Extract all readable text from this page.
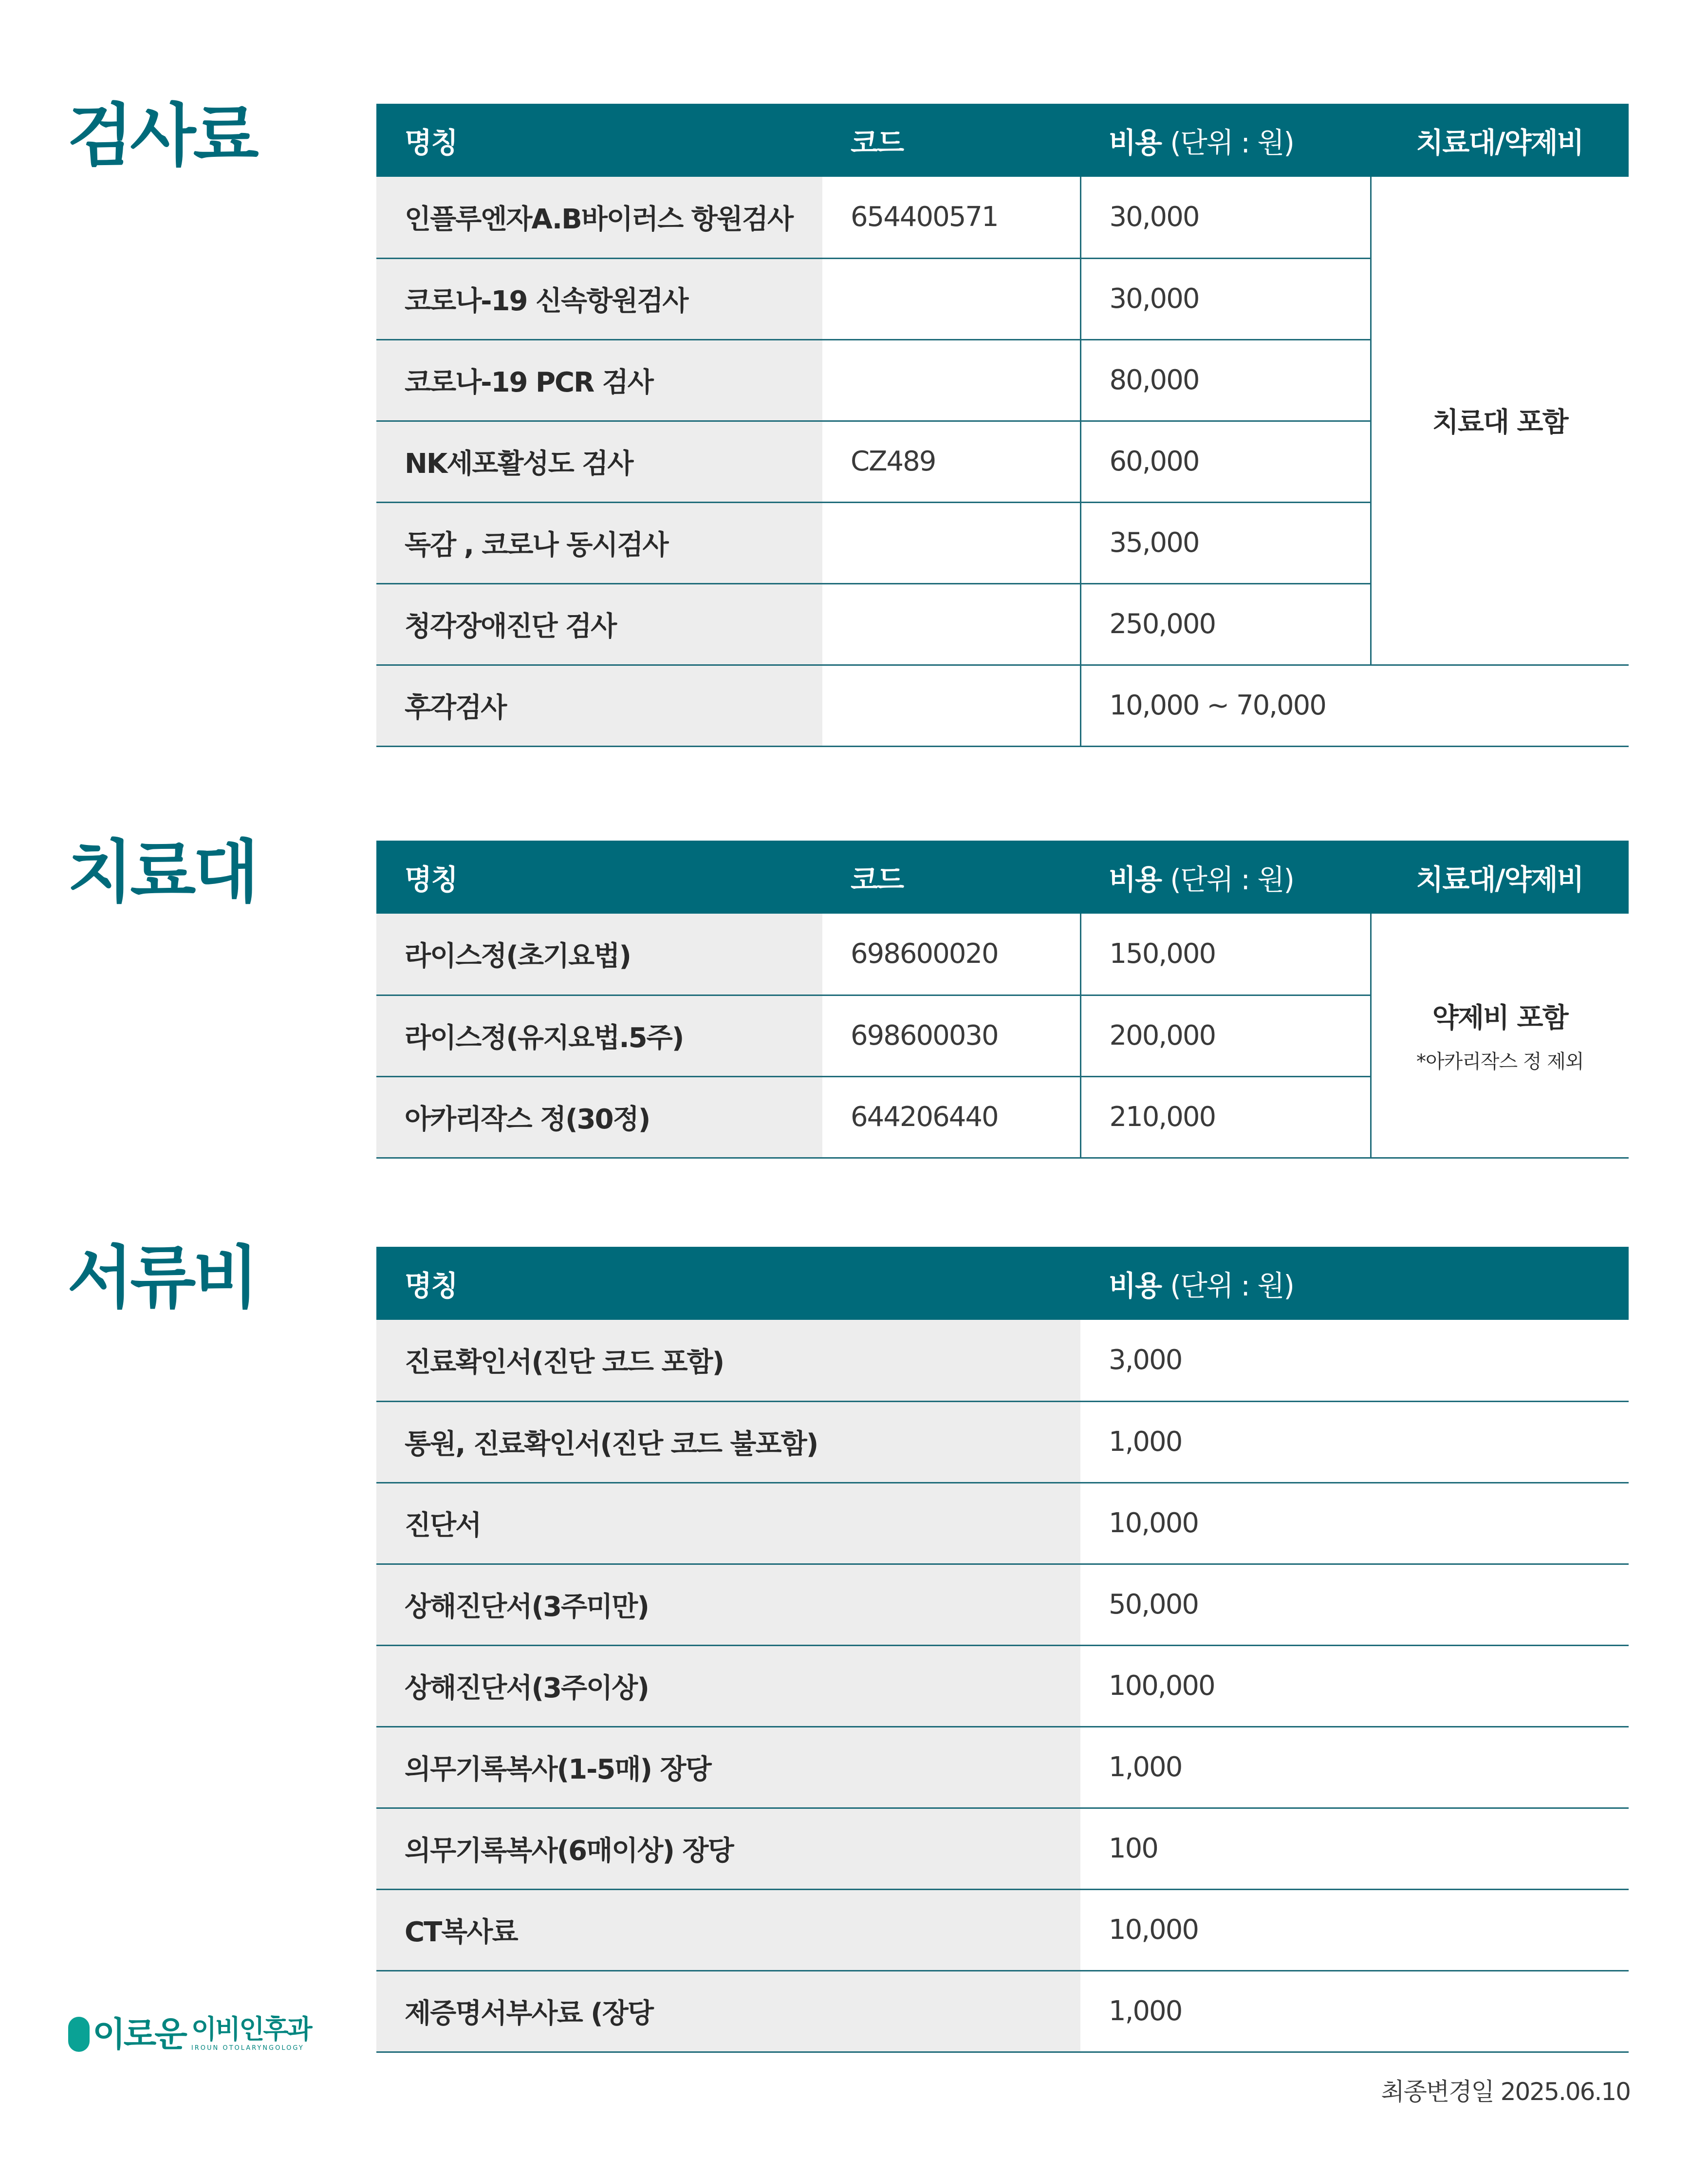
검사료	명칭	코드	비용 (단위 : 원)	치료대/약제비
인플루엔자A.B바이러스 항원검사	654400571	30,000	치료대 포함
코로나-19 신속항원검사		30,000	
코로나-19 PCR 검사		80,000	
NK세포활성도 검사	CZ489	60,000	
독감 , 코로나 동시검사		35,000	
청각장애진단 검사		250,000	
후각검사		10,000 ~ 70,000	
치료대	명칭	코드	비용 (단위 : 원)	치료대/약제비
라이스정(초기요법)	698600020	150,000	약제비 포함
*아카리작스 정 제외

라이스정(유지요법.5주)	698600030	200,000	
아카리작스 정(30정)	644206440	210,000	
서류비	명칭	비용 (단위 : 원)
진료확인서(진단 코드 포함)	3,000
통원, 진료확인서(진단 코드 불포함)	1,000
진단서	10,000
상해진단서(3주미만)	50,000
상해진단서(3주이상)	100,000
의무기록복사(1-5매) 장당	1,000
의무기록복사(6매이상) 장당	100
CT복사료	10,000
제증명서부사료 (장당	1,000
이로운 이비인후과
IROUN OTOLARYNGOLOGY
최종변경일 2025.06.10
